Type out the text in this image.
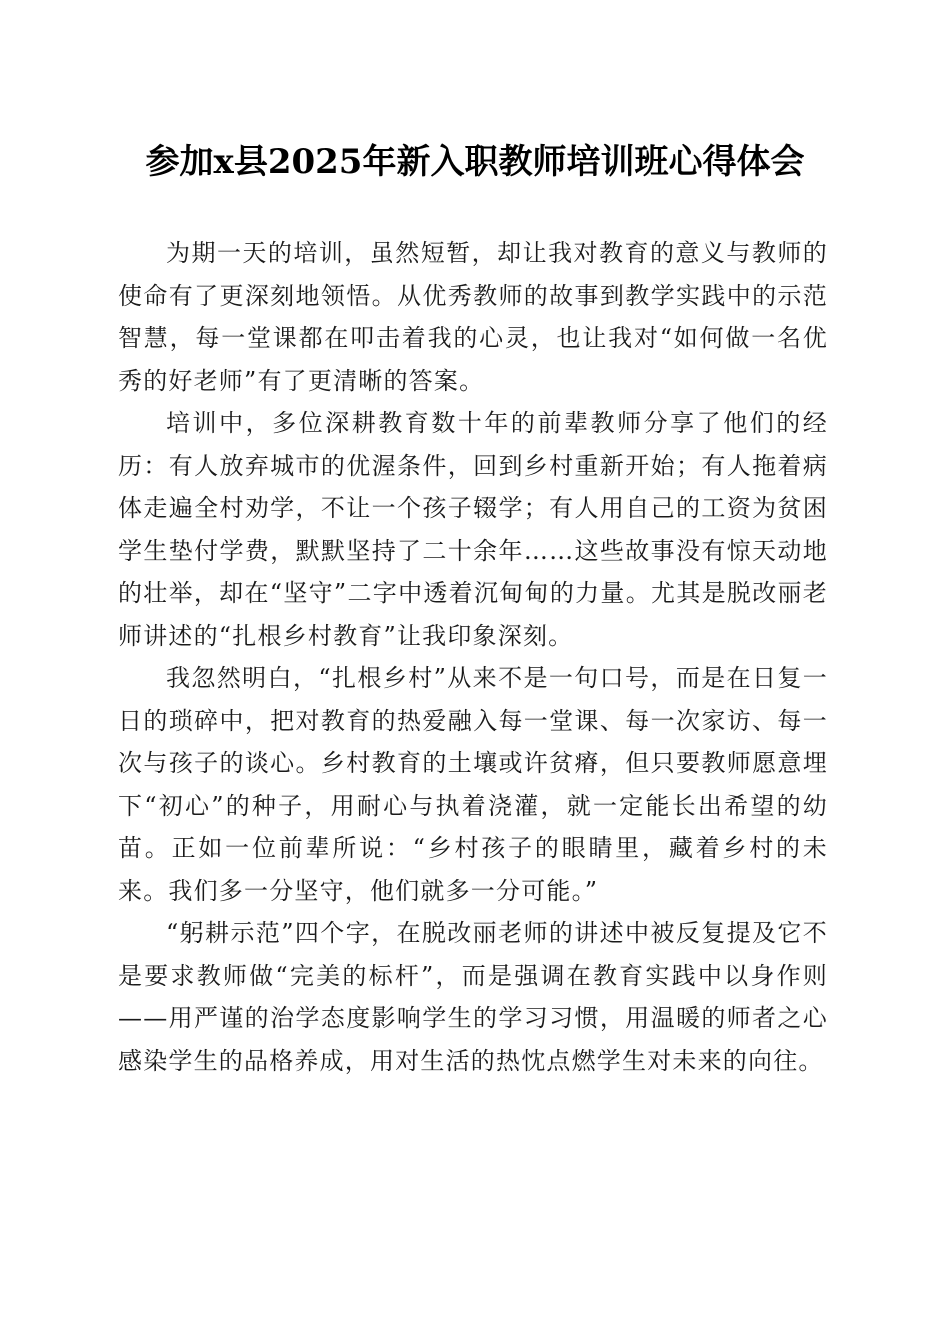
参加x县2025年新入职教师培训班心得体会

为期一天的培训，虽然短暂，却让我对教育的意义与教师的使命有了更深刻地领悟。从优秀教师的故事到教学实践中的示范智慧，每一堂课都在叩击着我的心灵，也让我对“如何做一名优秀的好老师”有了更清晰的答案。

培训中，多位深耕教育数十年的前辈教师分享了他们的经历：有人放弃城市的优渥条件，回到乡村重新开始；有人拖着病体走遍全村劝学，不让一个孩子辍学；有人用自己的工资为贫困学生垫付学费，默默坚持了二十余年……这些故事没有惊天动地的壮举，却在“坚守”二字中透着沉甸甸的力量。尤其是脱改丽老师讲述的“扎根乡村教育”让我印象深刻。

我忽然明白，“扎根乡村”从来不是一句口号，而是在日复一日的琐碎中，把对教育的热爱融入每一堂课、每一次家访、每一次与孩子的谈心。乡村教育的土壤或许贫瘠，但只要教师愿意埋下“初心”的种子，用耐心与执着浇灌，就一定能长出希望的幼苗。正如一位前辈所说：“乡村孩子的眼睛里，藏着乡村的未来。我们多一分坚守，他们就多一分可能。”

“躬耕示范”四个字，在脱改丽老师的讲述中被反复提及它不是要求教师做“完美的标杆”，而是强调在教育实践中以身作则——用严谨的治学态度影响学生的学习习惯，用温暖的师者之心感染学生的品格养成，用对生活的热忱点燃学生对未来的向往。
